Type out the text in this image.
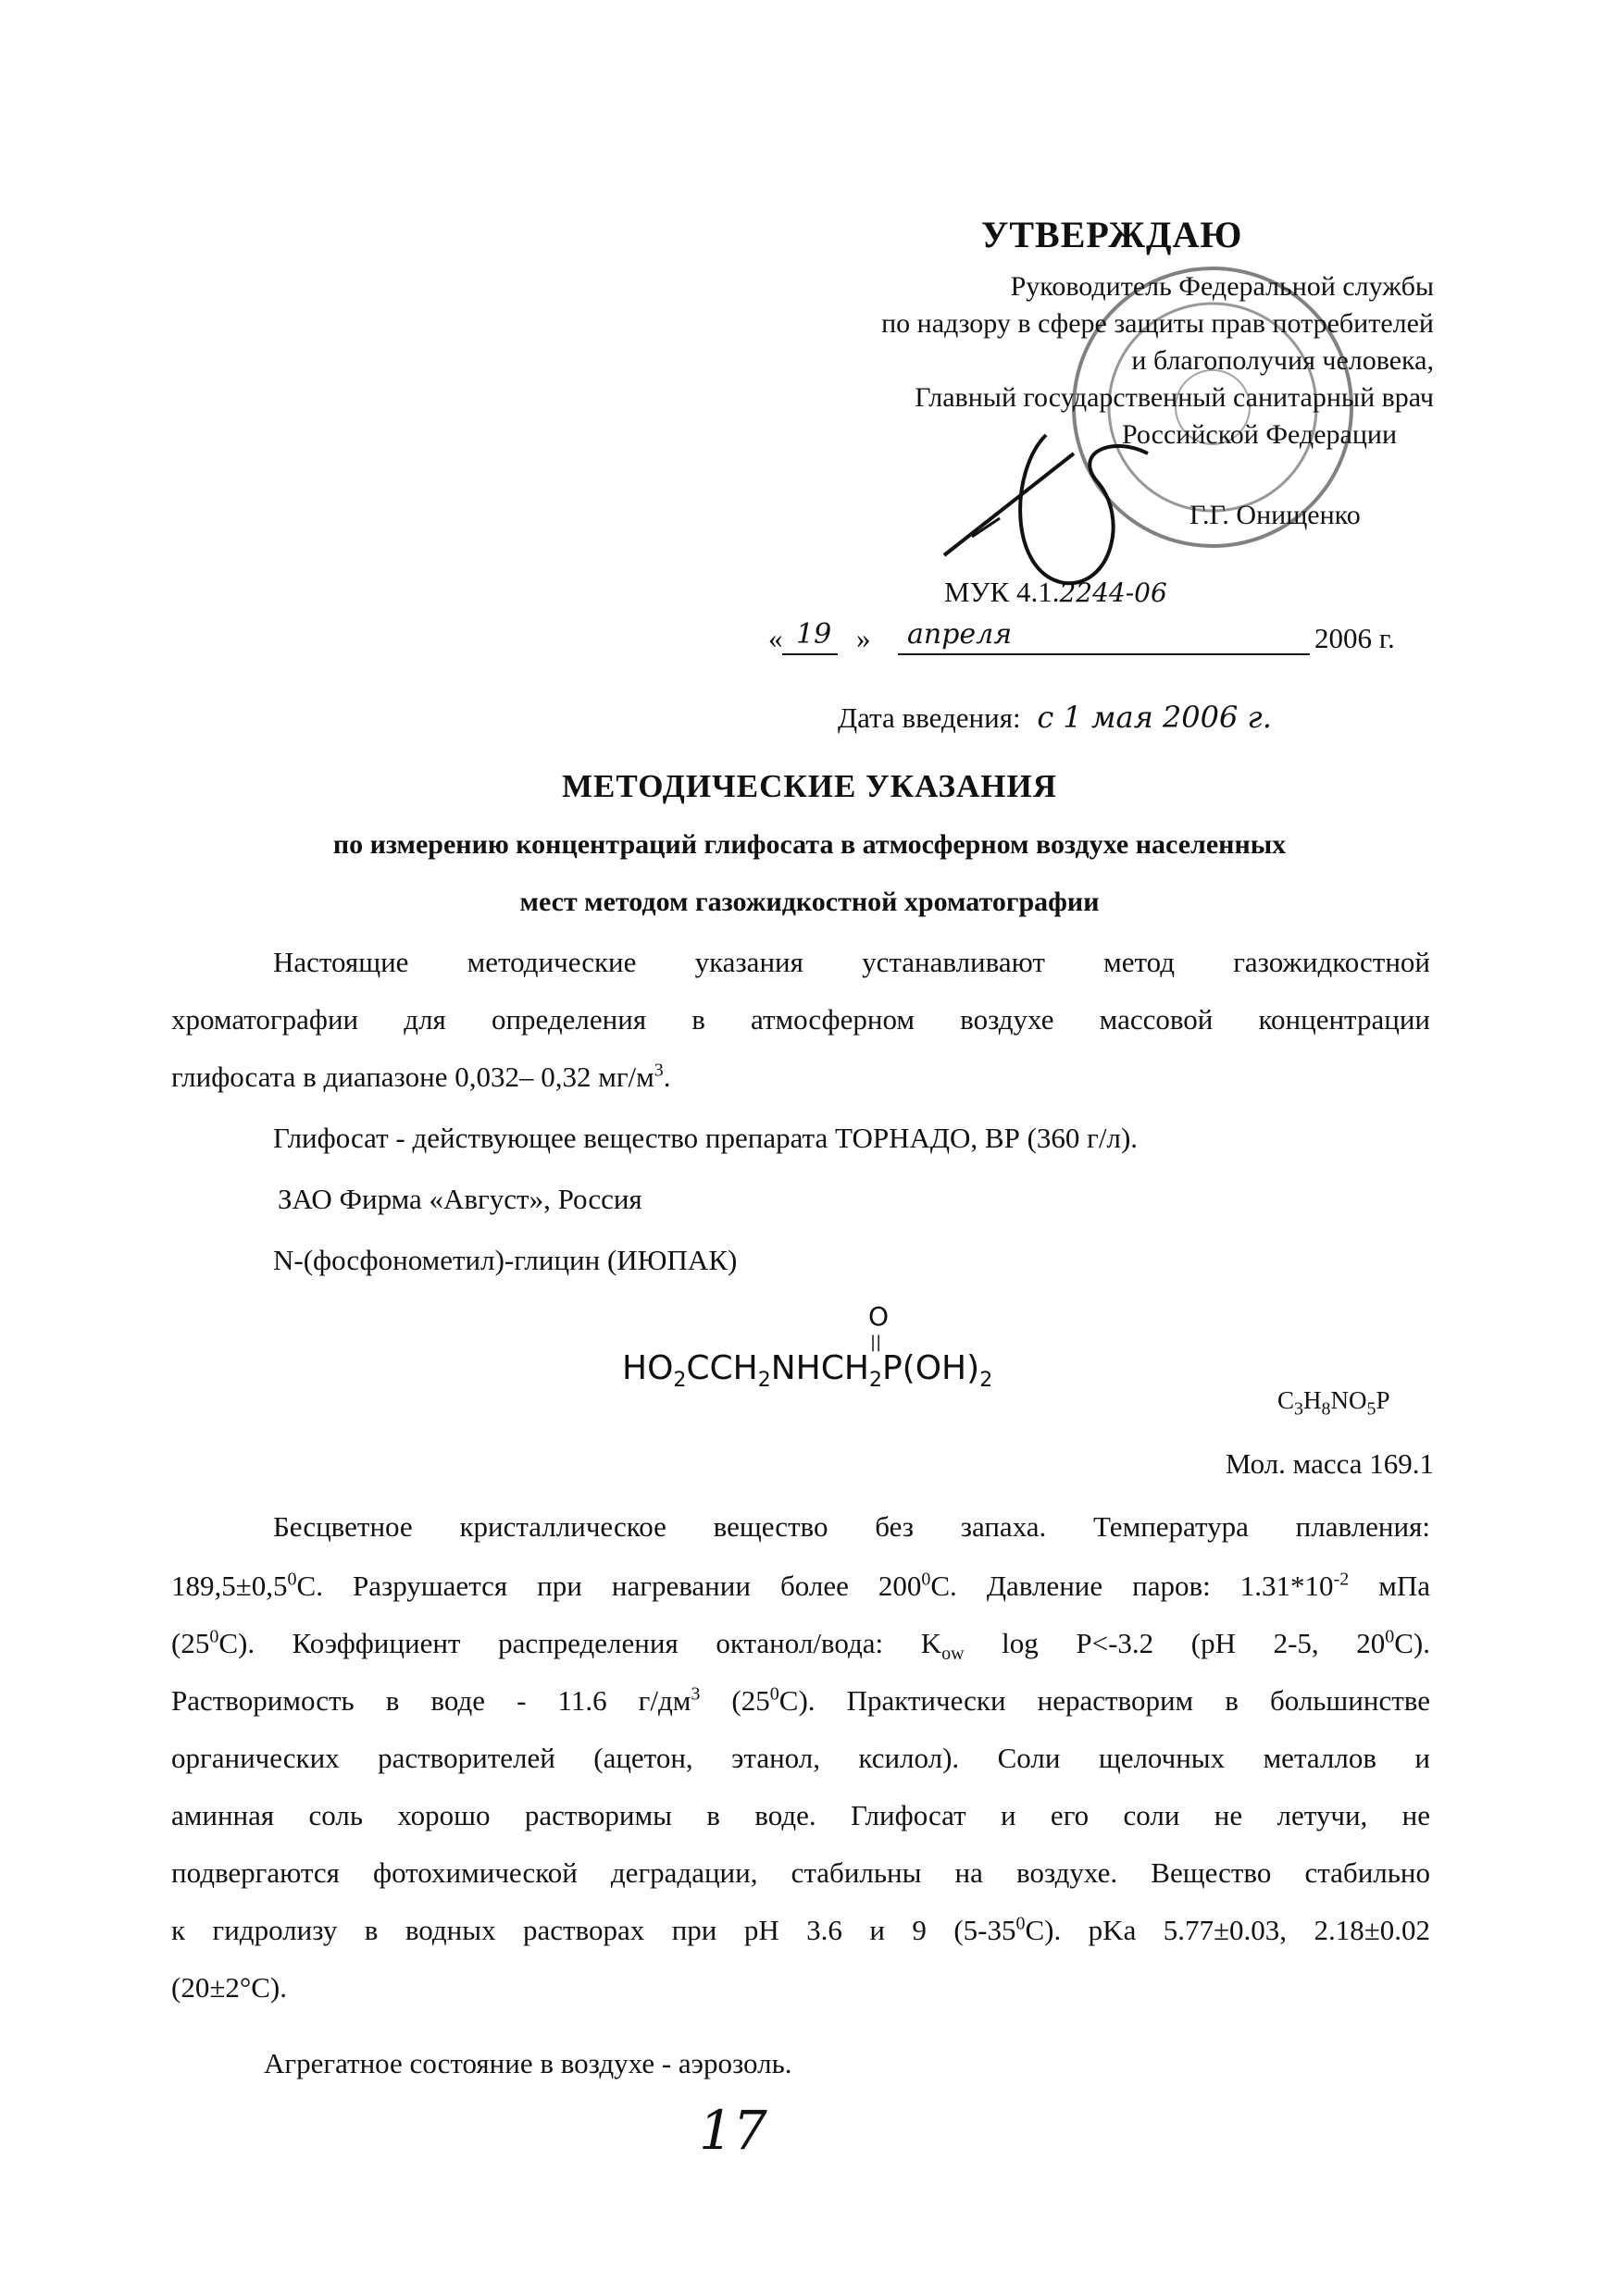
УТВЕРЖДАЮ
Руководитель Федеральной службы
по надзору в сфере защиты прав потребителей
и благополучия человека,
Главный государственный санитарный врач
Российской Федерации
Г.Г. Онищенко
МУК 4.1.2244-06
« 19 » апреля	2006 г.
Дата введения: с 1 мая 2006 г.
МЕТОДИЧЕСКИЕ УКАЗАНИЯ
по измерению концентраций глифосата в атмосферном воздухе населенных
мест методом газожидкостной хроматографии
Настоящие методические указания устанавливают метод газожидкостной
хроматографии для определения в атмосферном воздухе массовой концентрации
глифосата в диапазоне 0,032– 0,32 $мг/м^3$.
Глифосат - действующее вещество препарата ТОРНАДО, ВР (360 г/л).
ЗАО Фирма «Август», Россия
N-(фосфонометил)-глицин (ИЮПАК)
O
||
$HO_2CCH_2NHCH_2P(OH)_2$
$C_3H_8NO_5P$
Мол. масса 169.1
Бесцветное кристаллическое вещество без запаха. Температура плавления:
$189,5\pm 0,5^0С$. Разрушается при нагревании более $200^0С$. Давление паров: $1.31*10^{-2}$ мПа
$(25^0С)$. Коэффициент распределения октанол/вода: $K_{ow}$ log P<-3.2 (pH 2-5, $20^0С$).
Растворимость в воде - 11.6 $г/дм^3$ $(25^0С)$. Практически нерастворим в большинстве
органических растворителей (ацетон, этанол, ксилол). Соли щелочных металлов и
аминная соль хорошо растворимы в воде. Глифосат и его соли не летучи, не
подвергаются фотохимической деградации, стабильны на воздухе. Вещество стабильно
к гидролизу в водных растворах при pH 3.6 и 9 $(5-35^0С)$. pKa 5.77±0.03, 2.18±0.02
(20±2°С).
Агрегатное состояние в воздухе - аэрозоль.
17
